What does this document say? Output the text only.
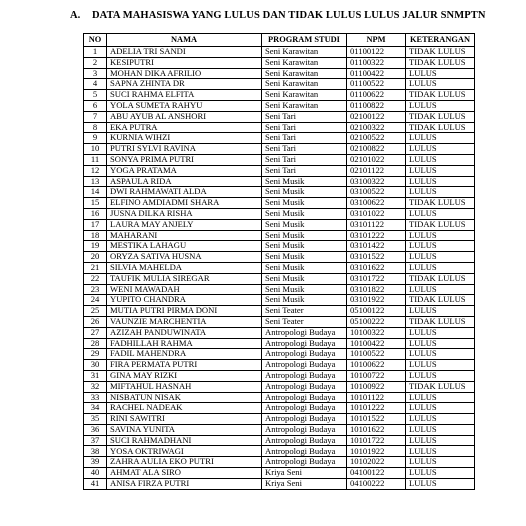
A. DATA MAHASISWA YANG LULUS DAN TIDAK LULUS LULUS JALUR SNMPTN
NO	NAMA	PROGRAM STUDI	NPM	KETERANGAN
1	ADELIA TRI SANDI	Seni Karawitan	01100122	TIDAK LULUS
2	KESIPUTRI	Seni Karawitan	01100322	TIDAK LULUS
3	MOHAN DIKA AFRILIO	Seni Karawitan	01100422	LULUS
4	SAPNA ZHINTA DR	Seni Karawitan	01100522	LULUS
5	SUCI RAHMA ELFITA	Seni Karawitan	01100622	TIDAK LULUS
6	YOLA SUMETA RAHYU	Seni Karawitan	01100822	LULUS
7	ABU AYUB AL ANSHORI	Seni Tari	02100122	TIDAK LULUS
8	EKA PUTRA	Seni Tari	02100322	TIDAK LULUS
9	KURNIA WIHZI	Seni Tari	02100522	LULUS
10	PUTRI SYLVI RAVINA	Seni Tari	02100822	LULUS
11	SONYA PRIMA PUTRI	Seni Tari	02101022	LULUS
12	YOGA PRATAMA	Seni Tari	02101122	LULUS
13	ASPAULA RIDA	Seni Musik	03100322	LULUS
14	DWI RAHMAWATI ALDA	Seni Musik	03100522	LULUS
15	ELFINO AMDIADMI SHARA	Seni Musik	03100622	TIDAK LULUS
16	JUSNA DILKA RISHA	Seni Musik	03101022	LULUS
17	LAURA MAY ANJELY	Seni Musik	03101122	TIDAK LULUS
18	MAHARANI	Seni Musik	03101222	LULUS
19	MESTIKA LAHAGU	Seni Musik	03101422	LULUS
20	ORYZA SATIVA HUSNA	Seni Musik	03101522	LULUS
21	SILVIA MAHELDA	Seni Musik	03101622	LULUS
22	TAUFIK MULIA SIREGAR	Seni Musik	03101722	TIDAK LULUS
23	WENI MAWADAH	Seni Musik	03101822	LULUS
24	YUPITO CHANDRA	Seni Musik	03101922	TIDAK LULUS
25	MUTIA PUTRI PIRMA DONI	Seni Teater	05100122	LULUS
26	VAUNZIE MARCHENTIA	Seni Teater	05100222	TIDAK LULUS
27	AZIZAH PANDUWINATA	Antropologi Budaya	10100322	LULUS
28	FADHILLAH RAHMA	Antropologi Budaya	10100422	LULUS
29	FADIL MAHENDRA	Antropologi Budaya	10100522	LULUS
30	FIRA PERMATA PUTRI	Antropologi Budaya	10100622	LULUS
31	GINA MAY RIZKI	Antropologi Budaya	10100722	LULUS
32	MIFTAHUL HASNAH	Antropologi Budaya	10100922	TIDAK LULUS
33	NISBATUN NISAK	Antropologi Budaya	10101122	LULUS
34	RACHEL NADEAK	Antropologi Budaya	10101222	LULUS
35	RINI SAWITRI	Antropologi Budaya	10101522	LULUS
36	SAVINA YUNITA	Antropologi Budaya	10101622	LULUS
37	SUCI RAHMADHANI	Antropologi Budaya	10101722	LULUS
38	YOSA OKTRIWAGI	Antropologi Budaya	10101922	LULUS
39	ZAHRA AULIA EKO PUTRI	Antropologi Budaya	10102022	LULUS
40	AHMAT ALA SIRO	Kriya Seni	04100122	LULUS
41	ANISA FIRZA PUTRI	Kriya Seni	04100222	LULUS
